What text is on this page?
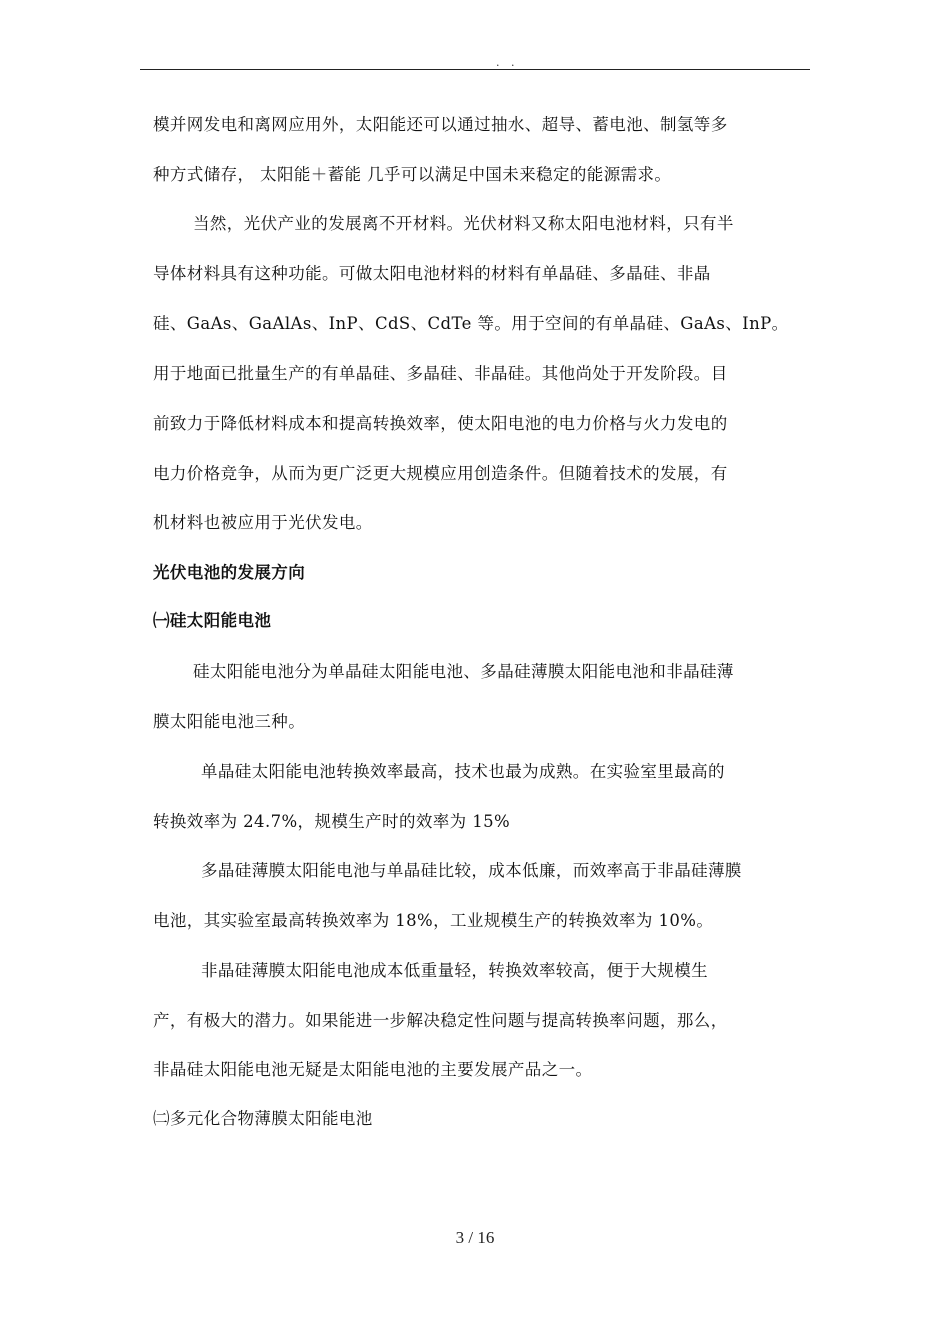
. .
模并网发电和离网应用外，太阳能还可以通过抽水、超导、蓄电池、制氢等多
种方式储存， 太阳能＋蓄能 几乎可以满足中国未来稳定的能源需求。
当然，光伏产业的发展离不开材料。光伏材料又称太阳电池材料，只有半
导体材料具有这种功能。可做太阳电池材料的材料有单晶硅、多晶硅、非晶
硅、GaAs、GaAlAs、InP、CdS、CdTe 等。用于空间的有单晶硅、GaAs、InP。
用于地面已批量生产的有单晶硅、多晶硅、非晶硅。其他尚处于开发阶段。目
前致力于降低材料成本和提高转换效率，使太阳电池的电力价格与火力发电的
电力价格竞争，从而为更广泛更大规模应用创造条件。但随着技术的发展，有
机材料也被应用于光伏发电。
光伏电池的发展方向
㈠硅太阳能电池
硅太阳能电池分为单晶硅太阳能电池、多晶硅薄膜太阳能电池和非晶硅薄
膜太阳能电池三种。
单晶硅太阳能电池转换效率最高，技术也最为成熟。在实验室里最高的
转换效率为 24.7%，规模生产时的效率为 15%
多晶硅薄膜太阳能电池与单晶硅比较，成本低廉，而效率高于非晶硅薄膜
电池，其实验室最高转换效率为 18%，工业规模生产的转换效率为 10%。
非晶硅薄膜太阳能电池成本低重量轻，转换效率较高，便于大规模生
产，有极大的潜力。如果能进一步解决稳定性问题与提高转换率问题，那么，
非晶硅太阳能电池无疑是太阳能电池的主要发展产品之一。
㈡多元化合物薄膜太阳能电池
3 / 16
